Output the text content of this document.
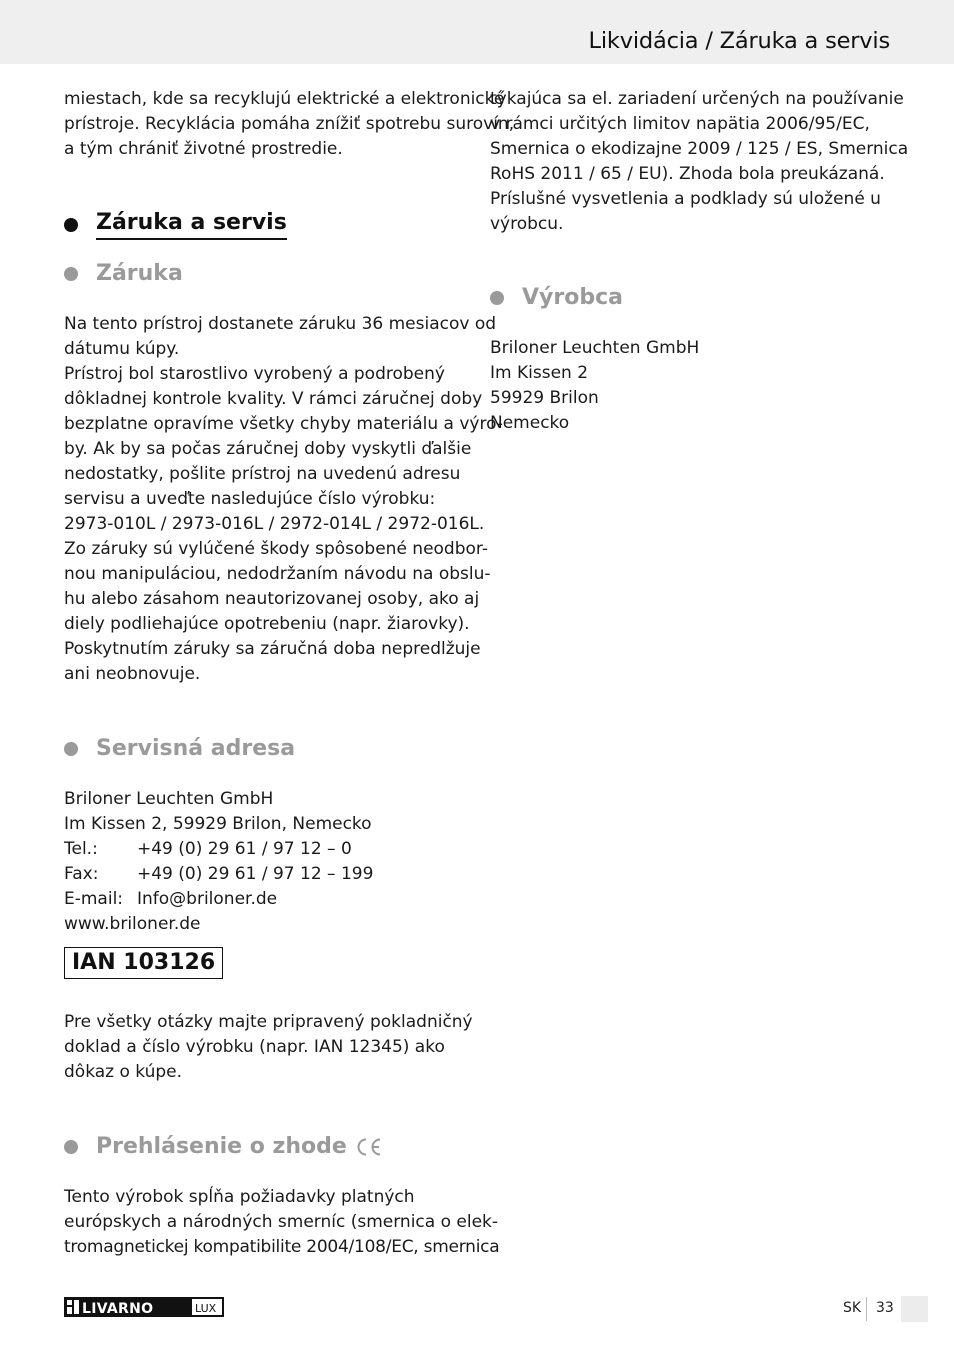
Likvidácia / Záruka a servis
miestach, kde sa recyklujú elektrické a elektronické
prístroje. Recyklácia pomáha znížiť spotrebu surovín,
a tým chrániť životné prostredie.
Záruka a servis
Záruka
Na tento prístroj dostanete záruku 36 mesiacov od
dátumu kúpy.
Prístroj bol starostlivo vyrobený a podrobený
dôkladnej kontrole kvality. V rámci záručnej doby
bezplatne opravíme všetky chyby materiálu a výro-
by. Ak by sa počas záručnej doby vyskytli ďalšie
nedostatky, pošlite prístroj na uvedenú adresu
servisu a uveďte nasledujúce číslo výrobku:
2973-010L / 2973-016L / 2972-014L / 2972-016L.
Zo záruky sú vylúčené škody spôsobené neodbor-
nou manipuláciou, nedodržaním návodu na obslu-
hu alebo zásahom neautorizovanej osoby, ako aj
diely podliehajúce opotrebeniu (napr. žiarovky).
Poskytnutím záruky sa záručná doba nepredlžuje
ani neobnovuje.
Servisná adresa
Briloner Leuchten GmbH
Im Kissen 2, 59929 Brilon, Nemecko
Tel.:	+49 (0) 29 61 / 97 12 – 0
Fax:	+49 (0) 29 61 / 97 12 – 199
E-mail: Info@briloner.de
www.briloner.de
IAN 103126
Pre všetky otázky majte pripravený pokladničný
doklad a číslo výrobku (napr. IAN 12345) ako
dôkaz o kúpe.
Prehlásenie o zhode
Tento výrobok spĺňa požiadavky platných
európskych a národných smerníc (smernica o elek-
tromagnetickej kompatibilite 2004/108/EC, smernica
týkajúca sa el. zariadení určených na používanie
v rámci určitých limitov napätia 2006/95/EC,
Smernica o ekodizajne 2009 / 125 / ES, Smernica
RoHS 2011 / 65 / EU). Zhoda bola preukázaná.
Príslušné vysvetlenia a podklady sú uložené u
výrobcu.
Výrobca
Briloner Leuchten GmbH
Im Kissen 2
59929 Brilon
Nemecko
LIVARNO	LUX	SK 33
